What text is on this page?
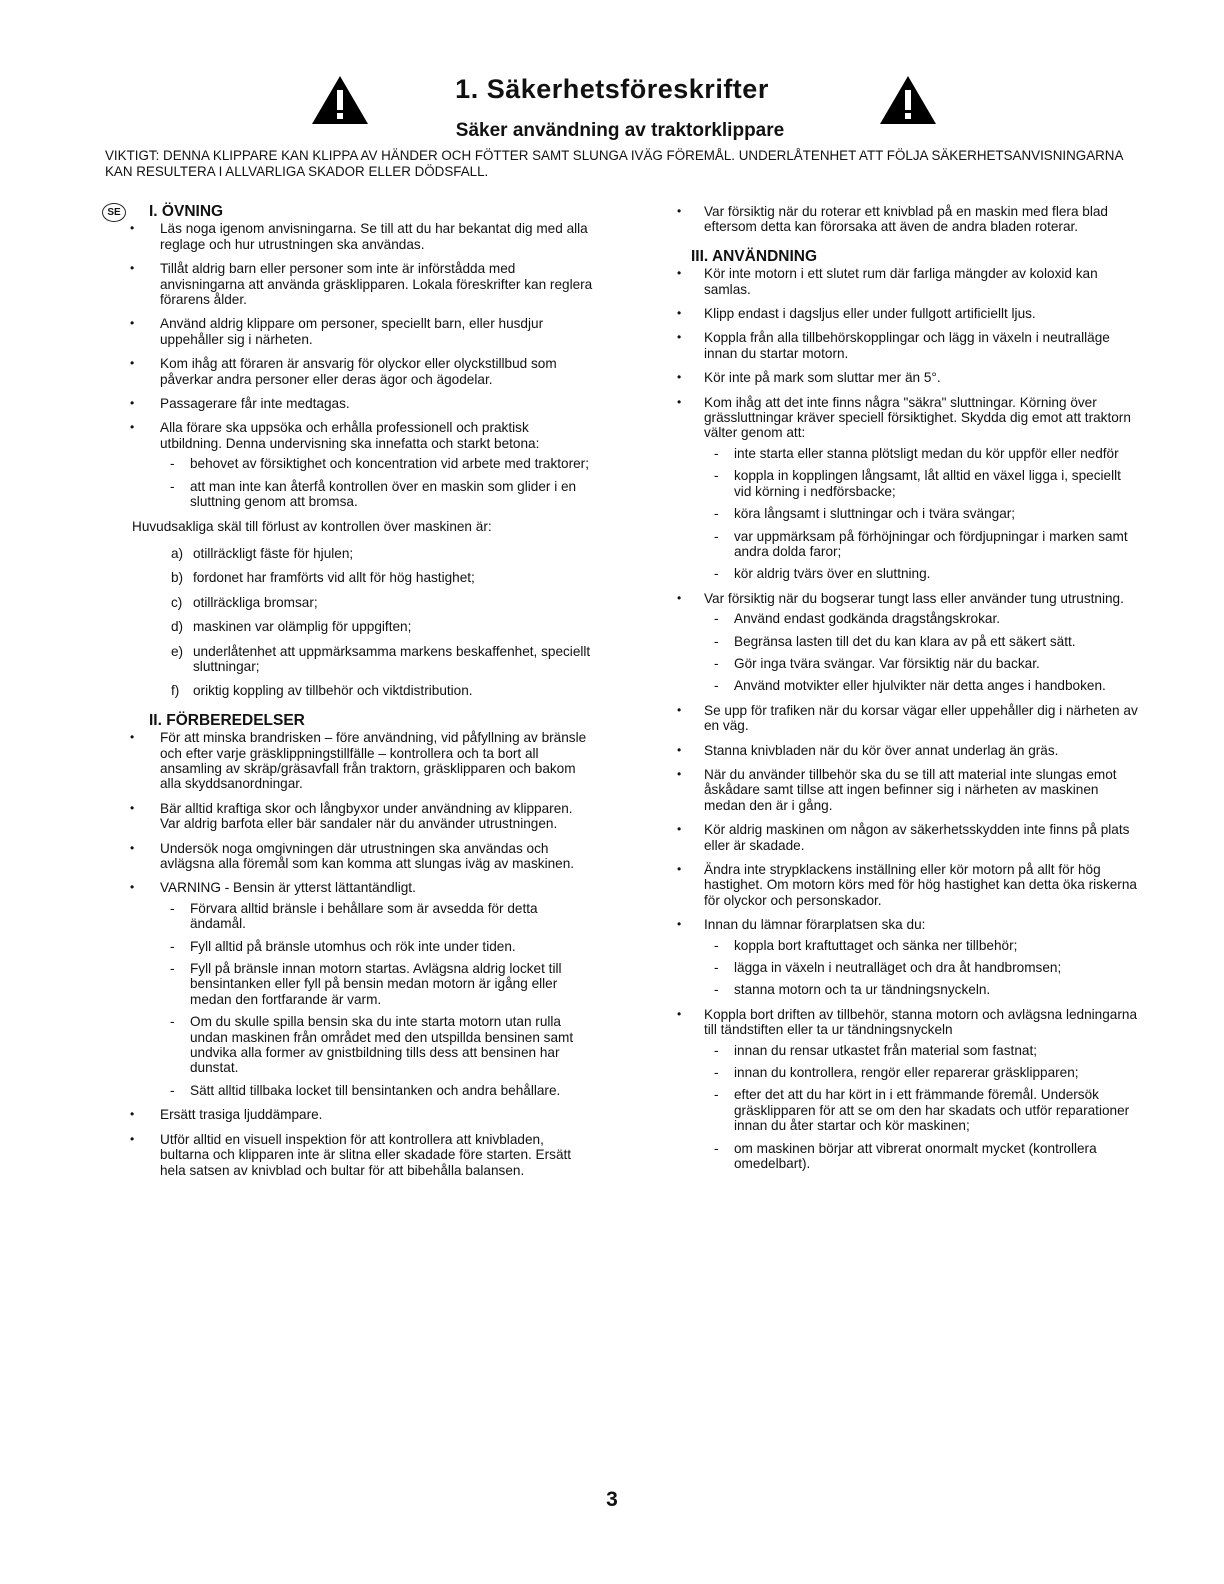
1. Säkerhetsföreskrifter
Säker användning av traktorklippare
VIKTIGT: DENNA KLIPPARE KAN KLIPPA AV HÄNDER OCH FÖTTER SAMT SLUNGA IVÄG FÖREMÅL. UNDERLÅTENHET ATT FÖLJA SÄKERHETSANVISNINGARNA KAN RESULTERA I ALLVARLIGA SKADOR ELLER DÖDSFALL.
SE	I. ÖVNING
• Läs noga igenom anvisningarna. Se till att du har bekantat dig med alla reglage och hur utrustningen ska användas.
• Tillåt aldrig barn eller personer som inte är införstådda med anvisningarna att använda gräsklipparen. Lokala föreskrifter kan reglera förarens ålder.
• Använd aldrig klippare om personer, speciellt barn, eller husdjur uppehåller sig i närheten.
• Kom ihåg att föraren är ansvarig för olyckor eller olyckstillbud som påverkar andra personer eller deras ägor och ägodelar.
• Passagerare får inte medtagas.
• Alla förare ska uppsöka och erhålla professionell och praktisk utbildning. Denna undervisning ska innefatta och starkt betona:
- behovet av försiktighet och koncentration vid arbete med traktorer;
- att man inte kan återfå kontrollen över en maskin som glider i en sluttning genom att bromsa.
Huvudsakliga skäl till förlust av kontrollen över maskinen är:
a) otillräckligt fäste för hjulen;
b) fordonet har framförts vid allt för hög hastighet;
c) otillräckliga bromsar;
d) maskinen var olämplig för uppgiften;
e) underlåtenhet att uppmärksamma markens beskaffenhet, speciellt sluttningar;
f) oriktig koppling av tillbehör och viktdistribution.
II. FÖRBEREDELSER
• För att minska brandrisken – före användning, vid påfyllning av bränsle och efter varje gräsklippningstillfälle – kontrollera och ta bort all ansamling av skräp/gräsavfall från traktorn, gräsklipparen och bakom alla skyddsanordningar.
• Bär alltid kraftiga skor och långbyxor under användning av klipparen. Var aldrig barfota eller bär sandaler när du använder utrustningen.
• Undersök noga omgivningen där utrustningen ska användas och avlägsna alla föremål som kan komma att slungas iväg av maskinen.
• VARNING - Bensin är ytterst lättantändligt.
- Förvara alltid bränsle i behållare som är avsedda för detta ändamål.
- Fyll alltid på bränsle utomhus och rök inte under tiden.
- Fyll på bränsle innan motorn startas. Avlägsna aldrig locket till bensintanken eller fyll på bensin medan motorn är igång eller medan den fortfarande är varm.
- Om du skulle spilla bensin ska du inte starta motorn utan rulla undan maskinen från området med den utspillda bensinen samt undvika alla former av gnistbildning tills dess att bensinen har dunstat.
- Sätt alltid tillbaka locket till bensintanken och andra behållare.
• Ersätt trasiga ljuddämpare.
• Utför alltid en visuell inspektion för att kontrollera att knivbladen, bultarna och klipparen inte är slitna eller skadade före starten. Ersätt hela satsen av knivblad och bultar för att bibehålla balansen.
• Var försiktig när du roterar ett knivblad på en maskin med flera blad eftersom detta kan förorsaka att även de andra bladen roterar.
III. ANVÄNDNING
• Kör inte motorn i ett slutet rum där farliga mängder av koloxid kan samlas.
• Klipp endast i dagsljus eller under fullgott artificiellt ljus.
• Koppla från alla tillbehörskopplingar och lägg in växeln i neutralläge innan du startar motorn.
• Kör inte på mark som sluttar mer än 5°.
• Kom ihåg att det inte finns några "säkra" sluttningar. Körning över grässluttningar kräver speciell försiktighet. Skydda dig emot att traktorn välter genom att:
- inte starta eller stanna plötsligt medan du kör uppför eller nedför
- koppla in kopplingen långsamt, låt alltid en växel ligga i, speciellt vid körning i nedförsbacke;
- köra långsamt i sluttningar och i tvära svängar;
- var uppmärksam på förhöjningar och fördjupningar i marken samt andra dolda faror;
- kör aldrig tvärs över en sluttning.
• Var försiktig när du bogserar tungt lass eller använder tung utrustning.
- Använd endast godkända dragstångskrokar.
- Begränsa lasten till det du kan klara av på ett säkert sätt.
- Gör inga tvära svängar. Var försiktig när du backar.
- Använd motvikter eller hjulvikter när detta anges i handboken.
• Se upp för trafiken när du korsar vägar eller uppehåller dig i närheten av en väg.
• Stanna knivbladen när du kör över annat underlag än gräs.
• När du använder tillbehör ska du se till att material inte slungas emot åskådare samt tillse att ingen befinner sig i närheten av maskinen medan den är i gång.
• Kör aldrig maskinen om någon av säkerhetsskydden inte finns på plats eller är skadade.
• Ändra inte strypklackens inställning eller kör motorn på allt för hög hastighet. Om motorn körs med för hög hastighet kan detta öka riskerna för olyckor och personskador.
• Innan du lämnar förarplatsen ska du:
- koppla bort kraftuttaget och sänka ner tillbehör;
- lägga in växeln i neutralläget och dra åt handbromsen;
- stanna motorn och ta ur tändningsnyckeln.
• Koppla bort driften av tillbehör, stanna motorn och avlägsna ledningarna till tändstiften eller ta ur tändningsnyckeln
- innan du rensar utkastet från material som fastnat;
- innan du kontrollera, rengör eller reparerar gräsklipparen;
- efter det att du har kört in i ett främmande föremål. Undersök gräsklipparen för att se om den har skadats och utför reparationer innan du åter startar och kör maskinen;
- om maskinen börjar att vibrerat onormalt mycket (kontrollera omedelbart).
3
